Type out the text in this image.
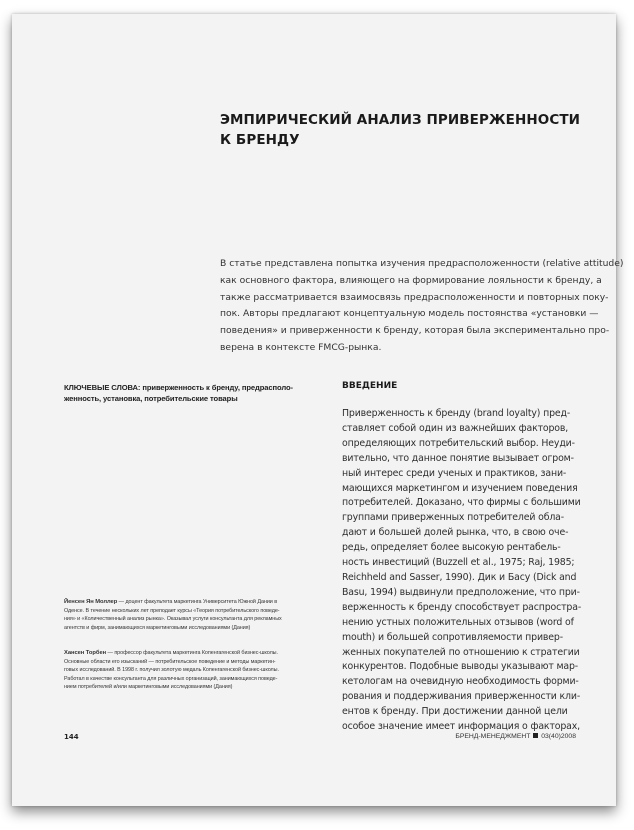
ЭМПИРИЧЕСКИЙ АНАЛИЗ ПРИВЕРЖЕННОСТИ
К БРЕНДУ
В статье представлена попытка изучения предрасположенности (relative attitude)
как основного фактора, влияющего на формирование лояльности к бренду, а
также рассматривается взаимосвязь предрасположенности и повторных поку-
пок. Авторы предлагают концептуальную модель постоянства «установки —
поведения» и приверженности к бренду, которая была экспериментально про-
верена в контексте FMCG-рынка.
КЛЮЧЕВЫЕ СЛОВА: приверженность к бренду, предрасполо-
женность, установка, потребительские товары
ВВЕДЕНИЕ
Приверженность к бренду (brand loyalty) пред-
ставляет собой один из важнейших факторов,
определяющих потребительский выбор. Неуди-
вительно, что данное понятие вызывает огром-
ный интерес среди ученых и практиков, зани-
мающихся маркетингом и изучением поведения
потребителей. Доказано, что фирмы с большими
группами приверженных потребителей обла-
дают и большей долей рынка, что, в свою оче-
редь, определяет более высокую рентабель-
ность инвестиций (Buzzell et al., 1975; Raj, 1985;
Reichheld and Sasser, 1990). Дик и Басу (Dick and
Basu, 1994) выдвинули предположение, что при-
верженность к бренду способствует распростра-
нению устных положительных отзывов (word of
mouth) и большей сопротивляемости привер-
женных покупателей по отношению к стратегии
конкурентов. Подобные выводы указывают мар-
кетологам на очевидную необходимость форми-
рования и поддерживания приверженности кли-
ентов к бренду. При достижении данной цели
особое значение имеет информация о факторах,
Йенсен Ян Моллер — доцент факультета маркетинга Университета Южной Дании в
Оденсе. В течение нескольких лет преподает курсы «Теория потребительского поведе-
ния» и «Количественный анализ рынка». Оказывал услуги консультанта для рекламных
агентств и фирм, занимающихся маркетинговыми исследованиями (Дания)
Хансен Торбен — профессор факультета маркетинга Копенгагенской бизнес-школы.
Основные области его изысканий — потребительское поведение и методы маркетин-
говых исследований. В 1998 г. получил золотую медаль Копенгагенской бизнес-школы.
Работал в качестве консультанта для различных организаций, занимающихся поведе-
нием потребителей и/или маркетинговыми исследованиями (Дания)
144	БРЕНД-МЕНЕДЖМЕНТ 03(40)2008
